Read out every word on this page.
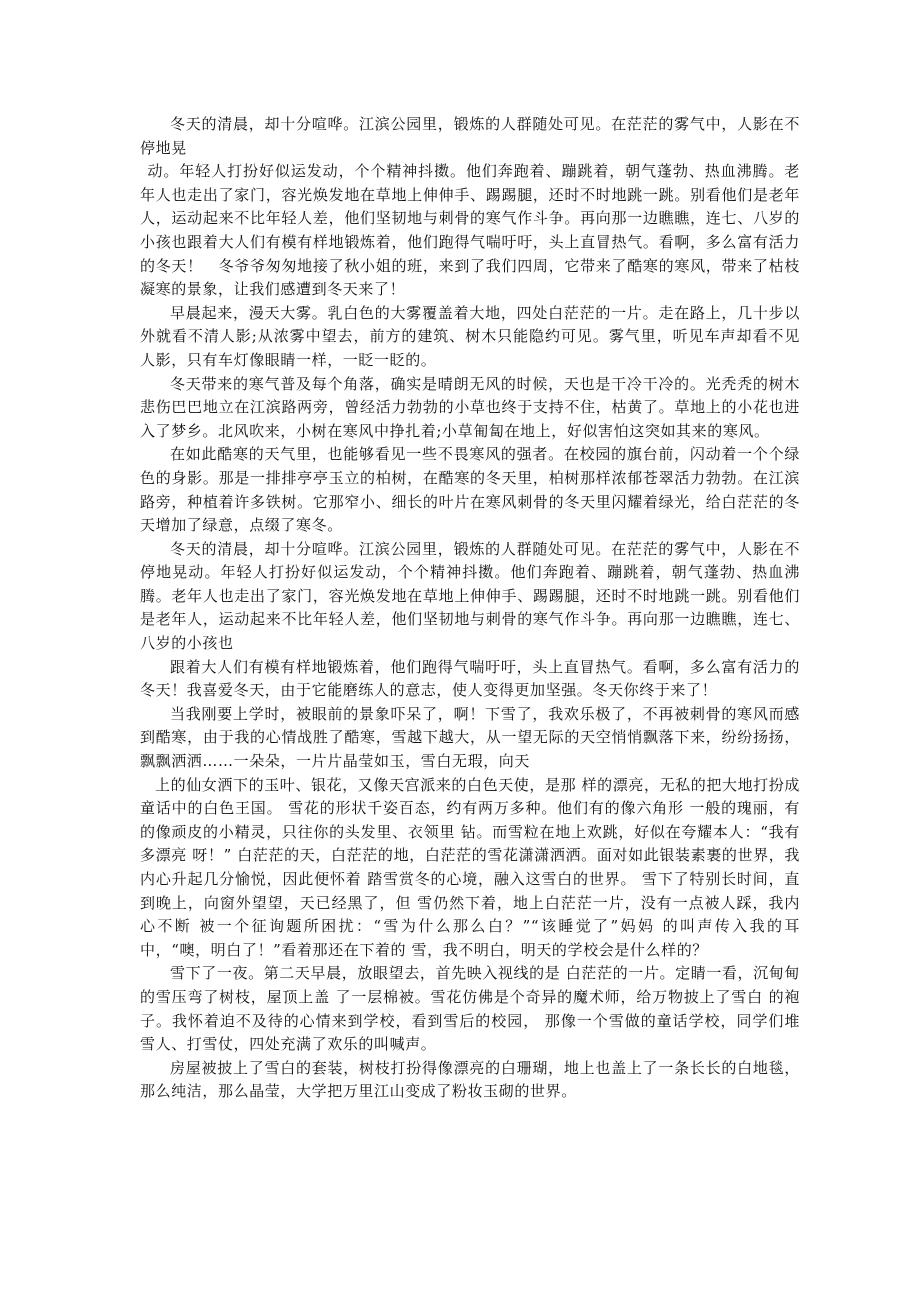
冬天的清晨，却十分喧哗。江滨公园里，锻炼的人群随处可见。在茫茫的雾气中，人影在不停地晃

动。年轻人打扮好似运发动，个个精神抖擞。他们奔跑着、蹦跳着，朝气蓬勃、热血沸腾。老年人也走出了家门，容光焕发地在草地上伸伸手、踢踢腿，还时不时地跳一跳。别看他们是老年人，运动起来不比年轻人差，他们坚韧地与刺骨的寒气作斗争。再向那一边瞧瞧，连七、八岁的小孩也跟着大人们有模有样地锻炼着，他们跑得气喘吁吁，头上直冒热气。看啊，多么富有活力的冬天！　冬爷爷匆匆地接了秋小姐的班，来到了我们四周，它带来了酷寒的寒风，带来了枯枝凝寒的景象，让我们感遭到冬天来了！

早晨起来，漫天大雾。乳白色的大雾覆盖着大地，四处白茫茫的一片。走在路上，几十步以外就看不清人影;从浓雾中望去，前方的建筑、树木只能隐约可见。雾气里，听见车声却看不见人影，只有车灯像眼睛一样，一眨一眨的。

冬天带来的寒气普及每个角落，确实是晴朗无风的时候，天也是干冷干冷的。光秃秃的树木悲伤巴巴地立在江滨路两旁，曾经活力勃勃的小草也终于支持不住，枯黄了。草地上的小花也进入了梦乡。北风吹来，小树在寒风中挣扎着;小草匍匐在地上，好似害怕这突如其来的寒风。

在如此酷寒的天气里，也能够看见一些不畏寒风的强者。在校园的旗台前，闪动着一个个绿色的身影。那是一排排亭亭玉立的柏树，在酷寒的冬天里，柏树那样浓郁苍翠活力勃勃。在江滨路旁，种植着许多铁树。它那窄小、细长的叶片在寒风刺骨的冬天里闪耀着绿光，给白茫茫的冬天增加了绿意，点缀了寒冬。

冬天的清晨，却十分喧哗。江滨公园里，锻炼的人群随处可见。在茫茫的雾气中，人影在不停地晃动。年轻人打扮好似运发动，个个精神抖擞。他们奔跑着、蹦跳着，朝气蓬勃、热血沸腾。老年人也走出了家门，容光焕发地在草地上伸伸手、踢踢腿，还时不时地跳一跳。别看他们是老年人，运动起来不比年轻人差，他们坚韧地与刺骨的寒气作斗争。再向那一边瞧瞧，连七、八岁的小孩也

跟着大人们有模有样地锻炼着，他们跑得气喘吁吁，头上直冒热气。看啊，多么富有活力的冬天！我喜爱冬天，由于它能磨练人的意志，使人变得更加坚强。冬天你终于来了！

当我刚要上学时，被眼前的景象吓呆了，啊！下雪了，我欢乐极了，不再被刺骨的寒风而感到酷寒，由于我的心情战胜了酷寒，雪越下越大，从一望无际的天空悄悄飘落下来，纷纷扬扬，飘飘洒洒……一朵朵，一片片晶莹如玉，雪白无瑕，向天

上的仙女洒下的玉叶、银花，又像天宫派来的白色天使，是那 样的漂亮，无私的把大地打扮成童话中的白色王国。 雪花的形状千姿百态，约有两万多种。他们有的像六角形 一般的瑰丽，有的像顽皮的小精灵，只往你的头发里、衣领里 钻。而雪粒在地上欢跳，好似在夸耀本人：“我有多漂亮 呀！” 白茫茫的天，白茫茫的地，白茫茫的雪花潇潇洒洒。面对如此银装素裹的世界，我内心升起几分愉悦，因此便怀着 踏雪赏冬的心境，融入这雪白的世界。 雪下了特别长时间，直到晚上，向窗外望望，天已经黑了，但 雪仍然下着，地上白茫茫一片，没有一点被人踩，我内心不断 被一个征询题所困扰：“雪为什么那么白？”“该睡觉了”妈妈 的叫声传入我的耳中，“噢，明白了！”看着那还在下着的 雪，我不明白，明天的学校会是什么样的？

雪下了一夜。第二天早晨，放眼望去，首先映入视线的是 白茫茫的一片。定睛一看，沉甸甸的雪压弯了树枝，屋顶上盖 了一层棉被。雪花仿佛是个奇异的魔术师，给万物披上了雪白 的袍子。我怀着迫不及待的心情来到学校，看到雪后的校园， 那像一个雪做的童话学校，同学们堆雪人、打雪仗，四处充满了欢乐的叫喊声。

房屋被披上了雪白的套装，树枝打扮得像漂亮的白珊瑚，地上也盖上了一条长长的白地毯，那么纯洁，那么晶莹，大学把万里江山变成了粉妆玉砌的世界。
